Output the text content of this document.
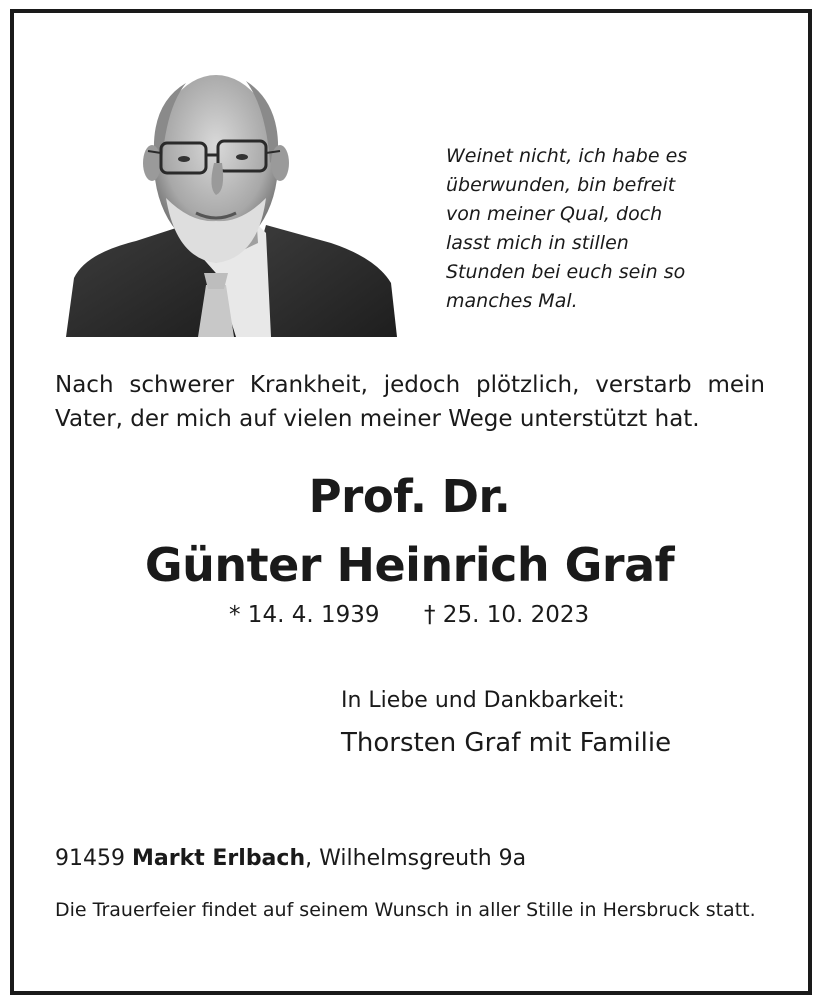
Weinet nicht, ich habe es
überwunden, bin befreit
von meiner Qual, doch
lasst mich in stillen
Stunden bei euch sein so
manches Mal.
Nach schwerer Krankheit, jedoch plötzlich, verstarb mein
Vater, der mich auf vielen meiner Wege unterstützt hat.
Prof. Dr.
Günter Heinrich Graf
* 14. 4. 1939 † 25. 10. 2023
In Liebe und Dankbarkeit:
Thorsten Graf mit Familie
91459 Markt Erlbach, Wilhelmsgreuth 9a
Die Trauerfeier findet auf seinem Wunsch in aller Stille in Hersbruck statt.
